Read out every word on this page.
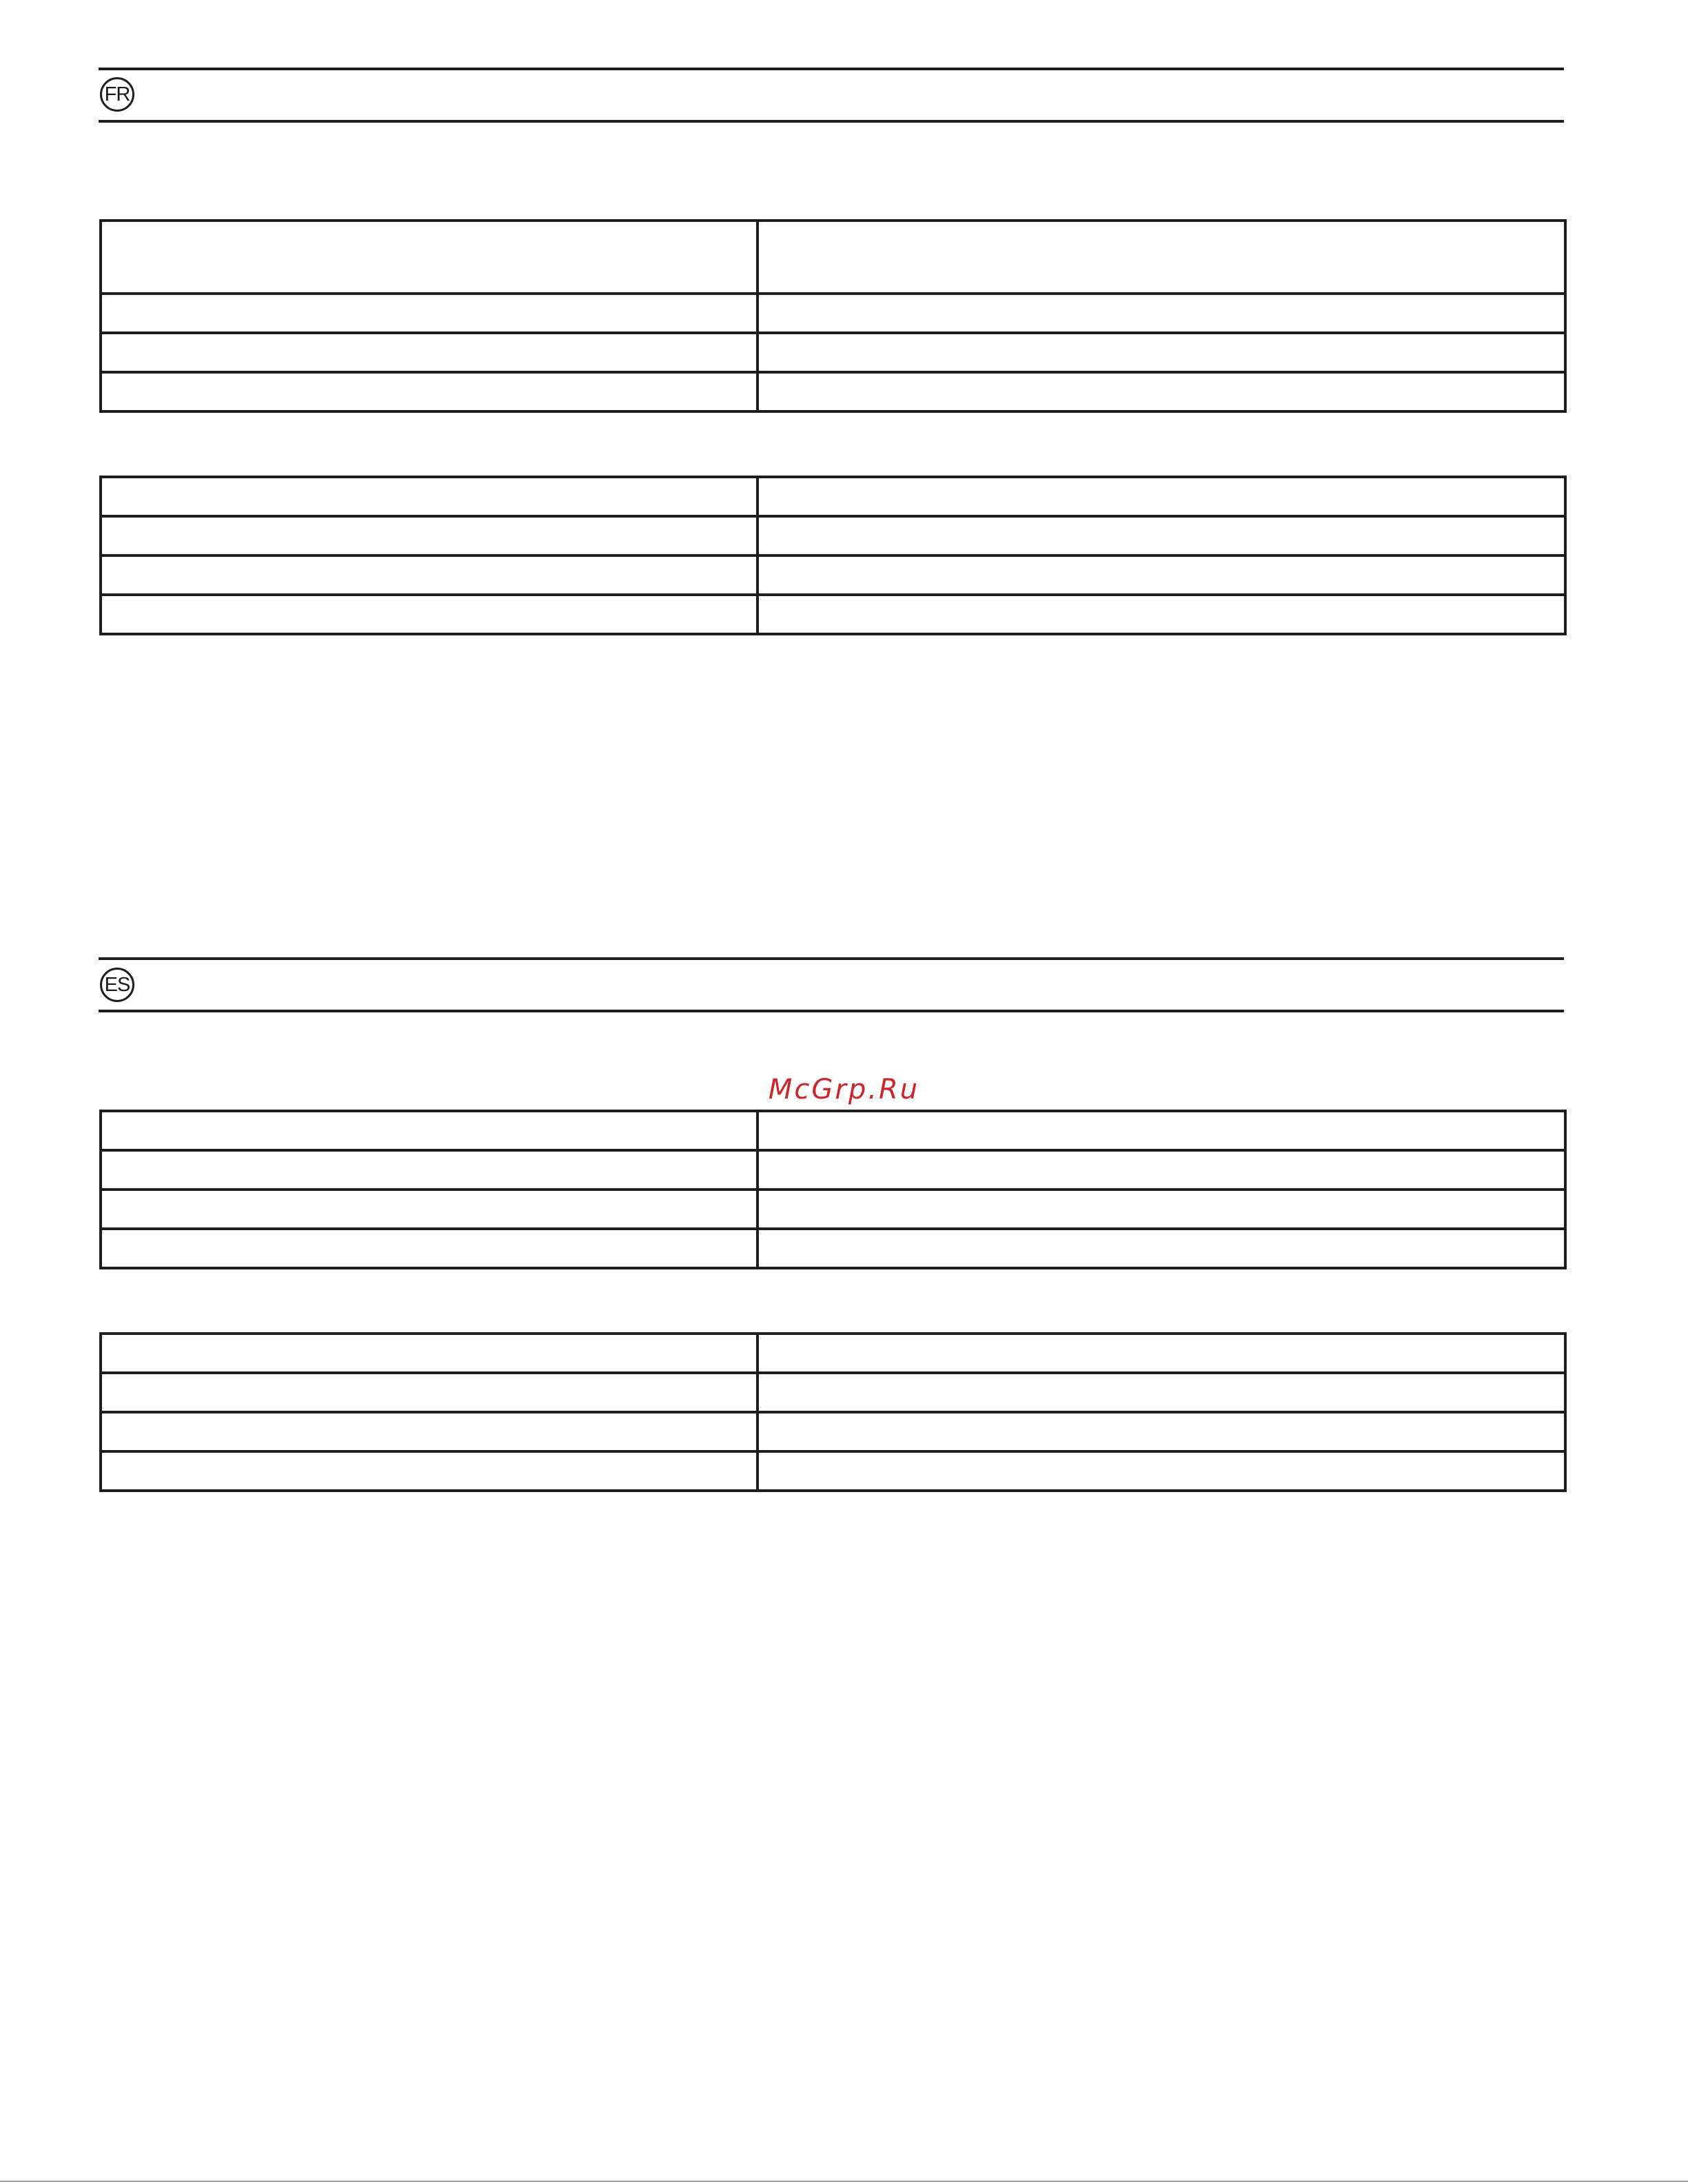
FR

ES
McGrp.Ru
